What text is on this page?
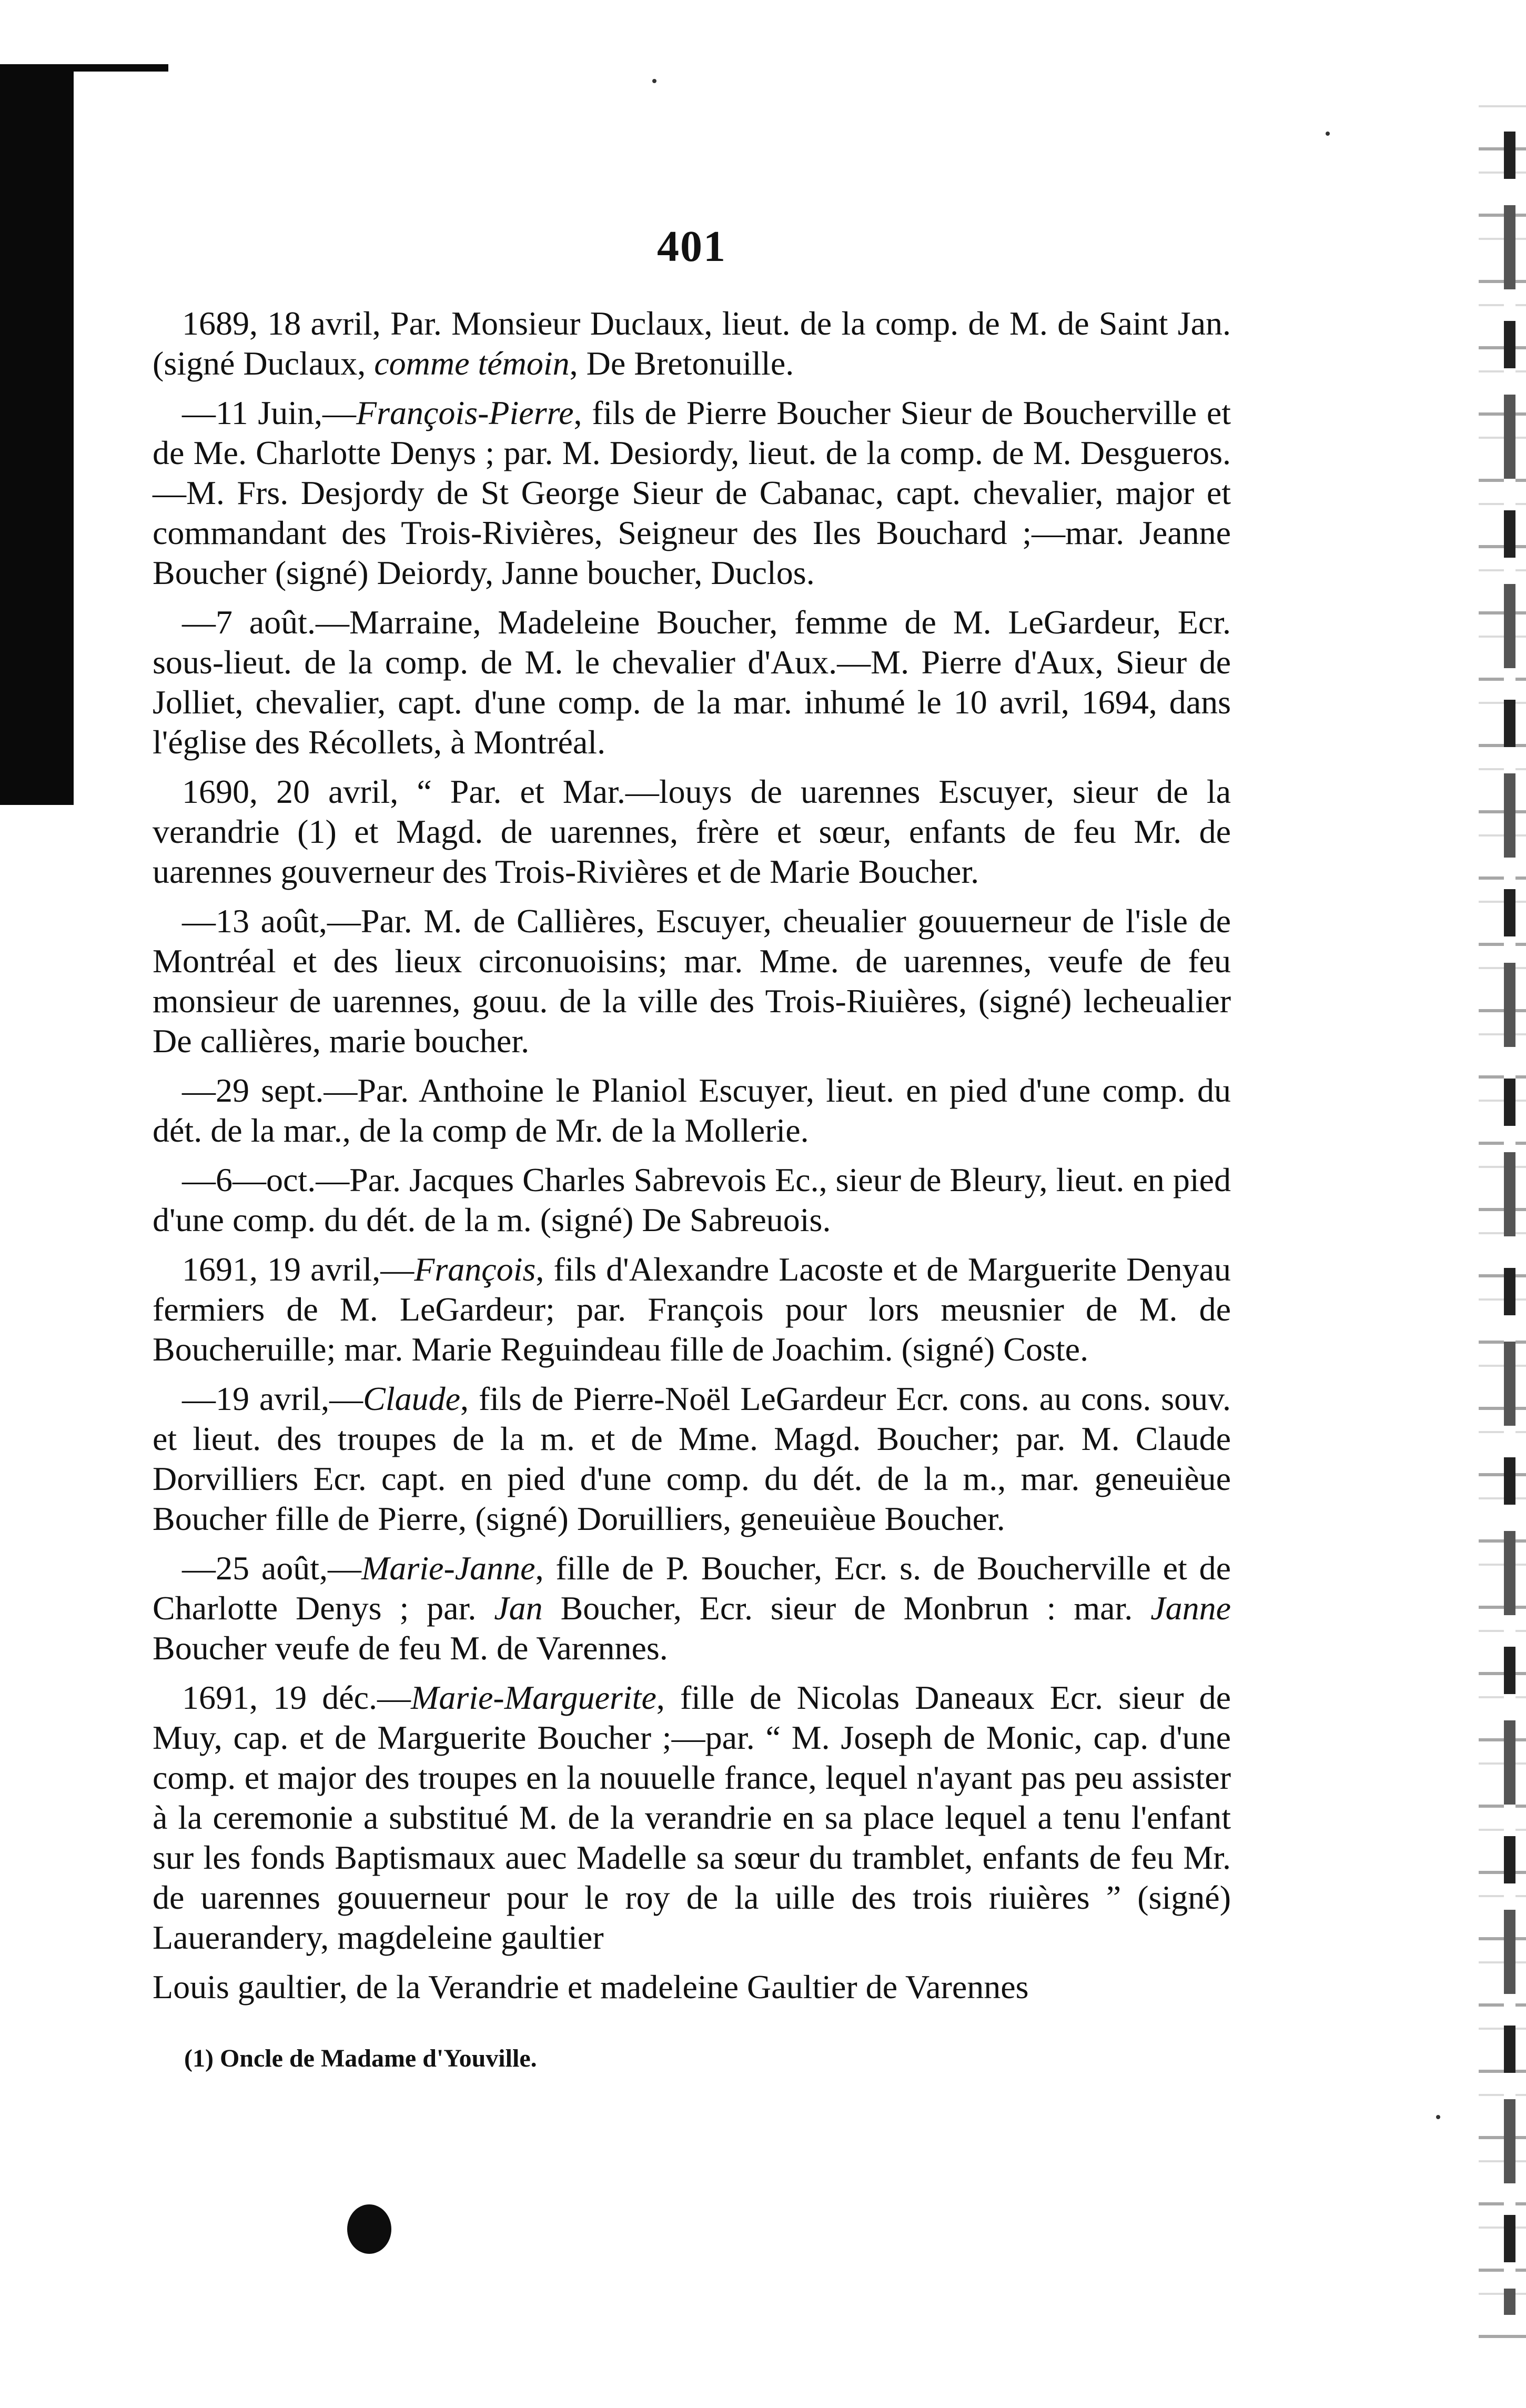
401
1689, 18 avril, Par. Monsieur Duclaux, lieut. de la comp. de M. de Saint Jan. (signé Duclaux, comme témoin, De Bretonuille.
—11 Juin,—François-Pierre, fils de Pierre Boucher Sieur de Boucherville et de Me. Charlotte Denys ; par. M. Desiordy, lieut. de la comp. de M. Desgueros.—M. Frs. Desjordy de St George Sieur de Cabanac, capt. chevalier, major et commandant des Trois-Rivières, Seigneur des Iles Bouchard ;—mar. Jeanne Boucher (signé) Deiordy, Janne boucher, Duclos.
—7 août.—Marraine, Madeleine Boucher, femme de M. LeGardeur, Ecr. sous-lieut. de la comp. de M. le chevalier d'Aux.—M. Pierre d'Aux, Sieur de Jolliet, chevalier, capt. d'une comp. de la mar. inhumé le 10 avril, 1694, dans l'église des Récollets, à Montréal.
1690, 20 avril, “ Par. et Mar.—louys de uarennes Escuyer, sieur de la verandrie (1) et Magd. de uarennes, frère et sœur, enfants de feu Mr. de uarennes gouverneur des Trois-Rivières et de Marie Boucher.
—13 août,—Par. M. de Callières, Escuyer, cheualier gouuerneur de l'isle de Montréal et des lieux circonuoisins; mar. Mme. de uarennes, veufe de feu monsieur de uarennes, gouu. de la ville des Trois-Riuières, (signé) lecheualier De callières, marie boucher.
—29 sept.—Par. Anthoine le Planiol Escuyer, lieut. en pied d'une comp. du dét. de la mar., de la comp de Mr. de la Mollerie.
—6—oct.—Par. Jacques Charles Sabrevois Ec., sieur de Bleury, lieut. en pied d'une comp. du dét. de la m. (signé) De Sabreuois.
1691, 19 avril,—François, fils d'Alexandre Lacoste et de Marguerite Denyau fermiers de M. LeGardeur; par. François pour lors meusnier de M. de Boucheruille; mar. Marie Reguindeau fille de Joachim. (signé) Coste.
—19 avril,—Claude, fils de Pierre-Noël LeGardeur Ecr. cons. au cons. souv. et lieut. des troupes de la m. et de Mme. Magd. Boucher; par. M. Claude Dorvilliers Ecr. capt. en pied d'une comp. du dét. de la m., mar. geneuièue Boucher fille de Pierre, (signé) Doruilliers, geneuièue Boucher.
—25 août,—Marie-Janne, fille de P. Boucher, Ecr. s. de Boucherville et de Charlotte Denys ; par. Jan Boucher, Ecr. sieur de Monbrun : mar. Janne Boucher veufe de feu M. de Varennes.
1691, 19 déc.—Marie-Marguerite, fille de Nicolas Daneaux Ecr. sieur de Muy, cap. et de Marguerite Boucher ;—par. “ M. Joseph de Monic, cap. d'une comp. et major des troupes en la nouuelle france, lequel n'ayant pas peu assister à la ceremonie a substitué M. de la verandrie en sa place lequel a tenu l'enfant sur les fonds Baptismaux auec Madelle sa sœur du tramblet, enfants de feu Mr. de uarennes gouuerneur pour le roy de la uille des trois riuières ” (signé) Lauerandery, magdeleine gaultier
Louis gaultier, de la Verandrie et madeleine Gaultier de Varennes
(1) Oncle de Madame d'Youville.
